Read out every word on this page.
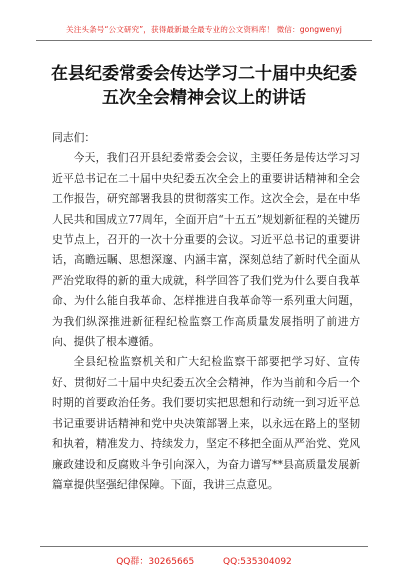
关注头条号“公文研究”，获得最新最全最专业的公文资料库！ 微信：gongwenyj
在县纪委常委会传达学习二十届中央纪委
五次全会精神会议上的讲话

同志们：

今天，我们召开县纪委常委会会议，主要任务是传达学习习近平总书记在二十届中央纪委五次全会上的重要讲话精神和全会工作报告，研究部署我县的贯彻落实工作。这次全会，是在中华人民共和国成立77周年，全面开启“十五五”规划新征程的关键历史节点上，召开的一次十分重要的会议。习近平总书记的重要讲话，高瞻远瞩、思想深邃、内涵丰富，深刻总结了新时代全面从严治党取得的新的重大成就，科学回答了我们党为什么要自我革命、为什么能自我革命、怎样推进自我革命等一系列重大问题，为我们纵深推进新征程纪检监察工作高质量发展指明了前进方向、提供了根本遵循。

全县纪检监察机关和广大纪检监察干部要把学习好、宣传好、贯彻好二十届中央纪委五次全会精神，作为当前和今后一个时期的首要政治任务。我们要切实把思想和行动统一到习近平总书记重要讲话精神和党中央决策部署上来，以永远在路上的坚韧和执着，精准发力、持续发力，坚定不移把全面从严治党、党风廉政建设和反腐败斗争引向深入，为奋力谱写**县高质量发展新篇章提供坚强纪律保障。下面，我讲三点意见。

QQ群：30265665	QQ:535304092
